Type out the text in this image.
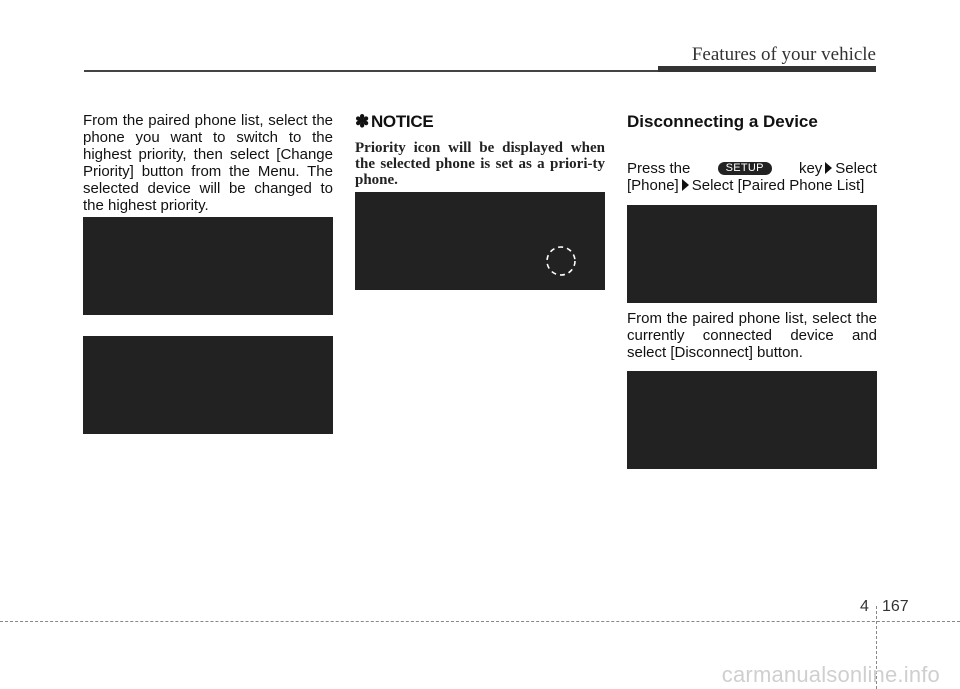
Features of your vehicle

From the paired phone list, select the phone you want to switch to the highest priority, then select [Change Priority] button from the Menu. The selected device will be changed to the highest priority.

✽ NOTICE

Priority icon will be displayed when the selected phone is set as a priori-ty phone.

Disconnecting a Device

Press the	SETUP	key Select
[Phone] Select [Paired Phone List]

From the paired phone list, select the currently connected device and select [Disconnect] button.

4 167
carmanualsonline.info
